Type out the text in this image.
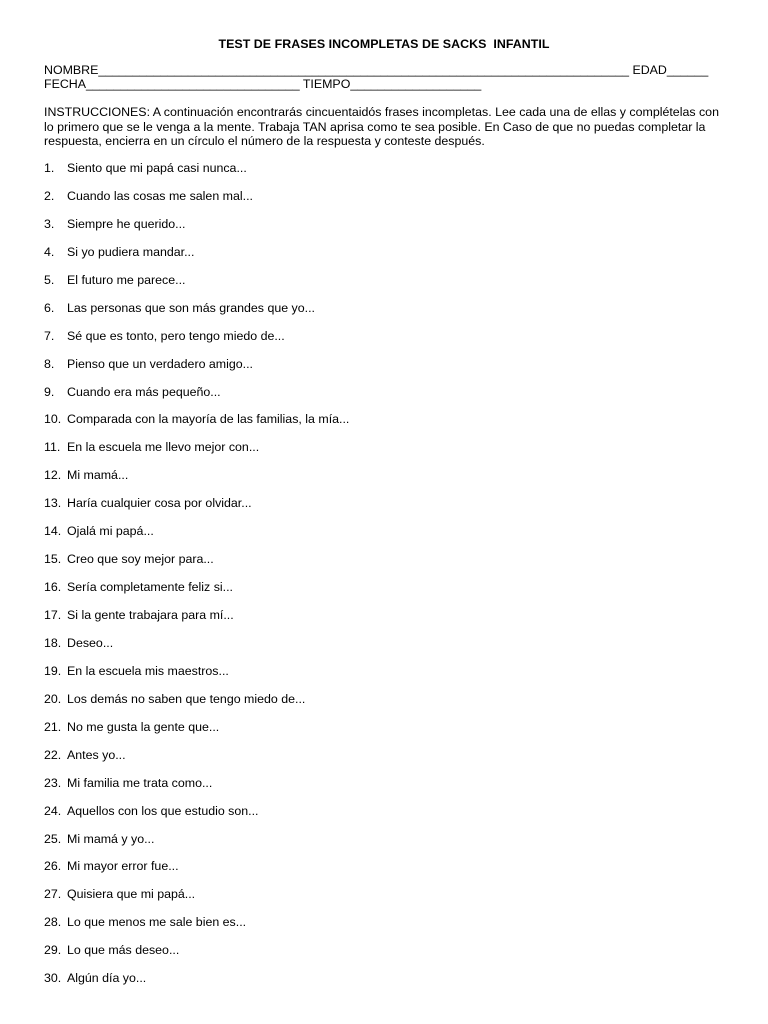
TEST DE FRASES INCOMPLETAS DE SACKS  INFANTIL
NOMBRE_____________________________________________________________________________ EDAD______
FECHA_______________________________ TIEMPO___________________
INSTRUCCIONES: A continuación encontrarás cincuentaidós frases incompletas. Lee cada una de ellas y complételas con lo primero que se le venga a la mente. Trabaja TAN aprisa como te sea posible. En Caso de que no puedas completar la respuesta, encierra en un círculo el número de la respuesta y conteste después.
1.	Siento que mi papá casi nunca...
2.	Cuando las cosas me salen mal...
3.	Siempre he querido...
4.	Si yo pudiera mandar...
5.	El futuro me parece...
6.	Las personas que son más grandes que yo...
7.	Sé que es tonto, pero tengo miedo de...
8.	Pienso que un verdadero amigo...
9.	Cuando era más pequeño...
10. Comparada con la mayoría de las familias, la mía...
11. En la escuela me llevo mejor con...
12. Mi mamá...
13. Haría cualquier cosa por olvidar...
14. Ojalá mi papá...
15. Creo que soy mejor para...
16. Sería completamente feliz si...
17. Si la gente trabajara para mí...
18. Deseo...
19. En la escuela mis maestros...
20. Los demás no saben que tengo miedo de...
21. No me gusta la gente que...
22. Antes yo...
23. Mi familia me trata como...
24. Aquellos con los que estudio son...
25. Mi mamá y yo...
26. Mi mayor error fue...
27. Quisiera que mi papá...
28. Lo que menos me sale bien es...
29. Lo que más deseo...
30. Algún día yo...
